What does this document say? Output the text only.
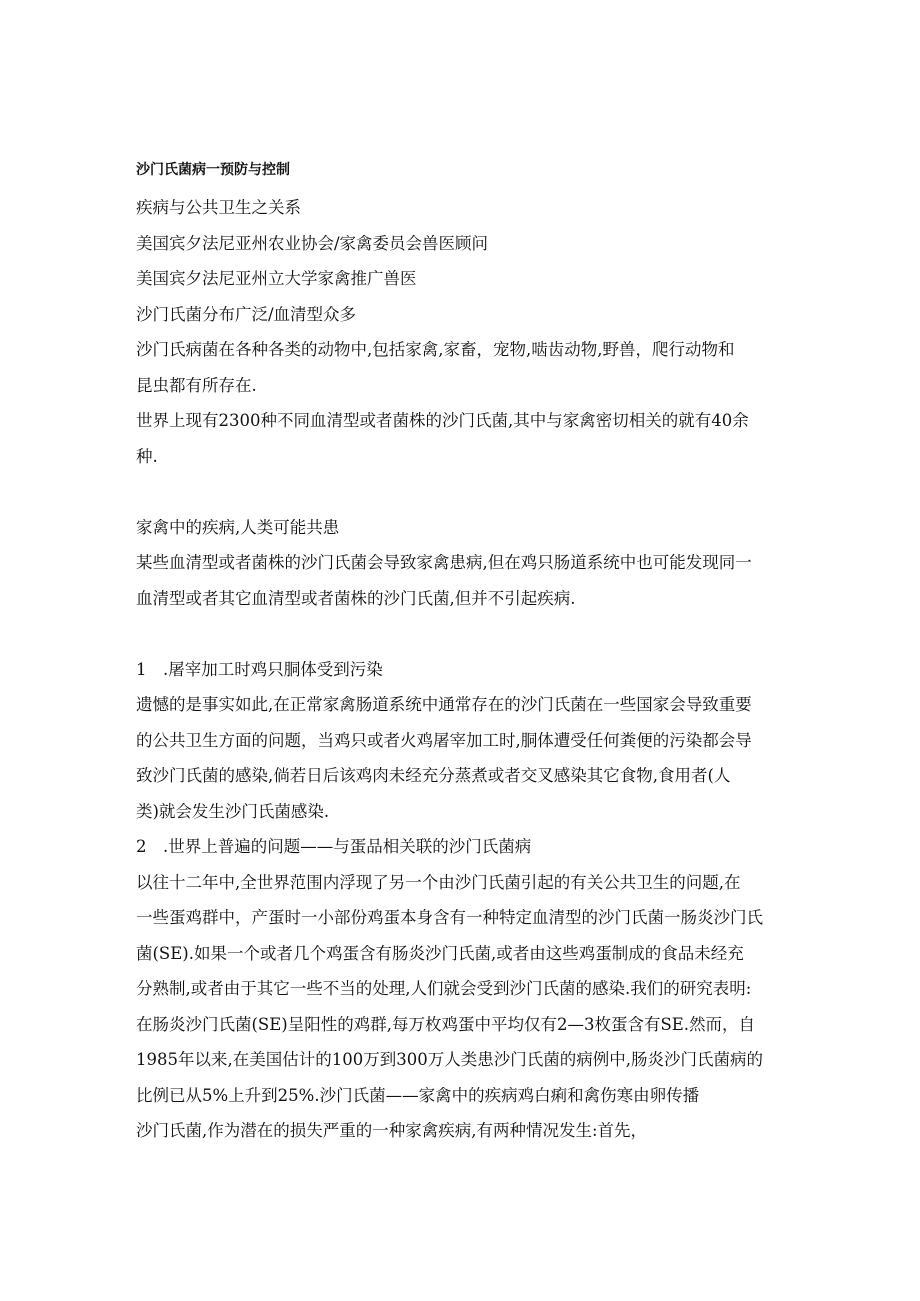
沙门氏菌病一预防与控制
疾病与公共卫生之关系
美国宾夕法尼亚州农业协会/家禽委员会兽医顾问
美国宾夕法尼亚州立大学家禽推广兽医
沙门氏菌分布广泛/血清型众多
沙门氏病菌在各种各类的动物中,包括家禽,家畜，宠物,啮齿动物,野兽，爬行动物和
昆虫都有所存在.
世界上现有2300种不同血清型或者菌株的沙门氏菌,其中与家禽密切相关的就有40余
种.
家禽中的疾病,人类可能共患
某些血清型或者菌株的沙门氏菌会导致家禽患病,但在鸡只肠道系统中也可能发现同一
血清型或者其它血清型或者菌株的沙门氏菌,但并不引起疾病.
1　.屠宰加工时鸡只胴体受到污染
遗憾的是事实如此,在正常家禽肠道系统中通常存在的沙门氏菌在一些国家会导致重要
的公共卫生方面的问题，当鸡只或者火鸡屠宰加工时,胴体遭受任何粪便的污染都会导
致沙门氏菌的感染,倘若日后该鸡肉未经充分蒸煮或者交叉感染其它食物,食用者(人
类)就会发生沙门氏菌感染.
2　.世界上普遍的问题——与蛋品相关联的沙门氏菌病
以往十二年中,全世界范围内浮现了另一个由沙门氏菌引起的有关公共卫生的问题,在
一些蛋鸡群中，产蛋时一小部份鸡蛋本身含有一种特定血清型的沙门氏菌一肠炎沙门氏
菌(SE).如果一个或者几个鸡蛋含有肠炎沙门氏菌,或者由这些鸡蛋制成的食品未经充
分熟制,或者由于其它一些不当的处理,人们就会受到沙门氏菌的感染.我们的研究表明:
在肠炎沙门氏菌(SE)呈阳性的鸡群,每万枚鸡蛋中平均仅有2—3枚蛋含有SE.然而，自
1985年以来,在美国估计的100万到300万人类患沙门氏菌的病例中,肠炎沙门氏菌病的
比例已从5%上升到25%.沙门氏菌——家禽中的疾病鸡白痢和禽伤寒由卵传播
沙门氏菌,作为潜在的损失严重的一种家禽疾病,有两种情况发生:首先，
